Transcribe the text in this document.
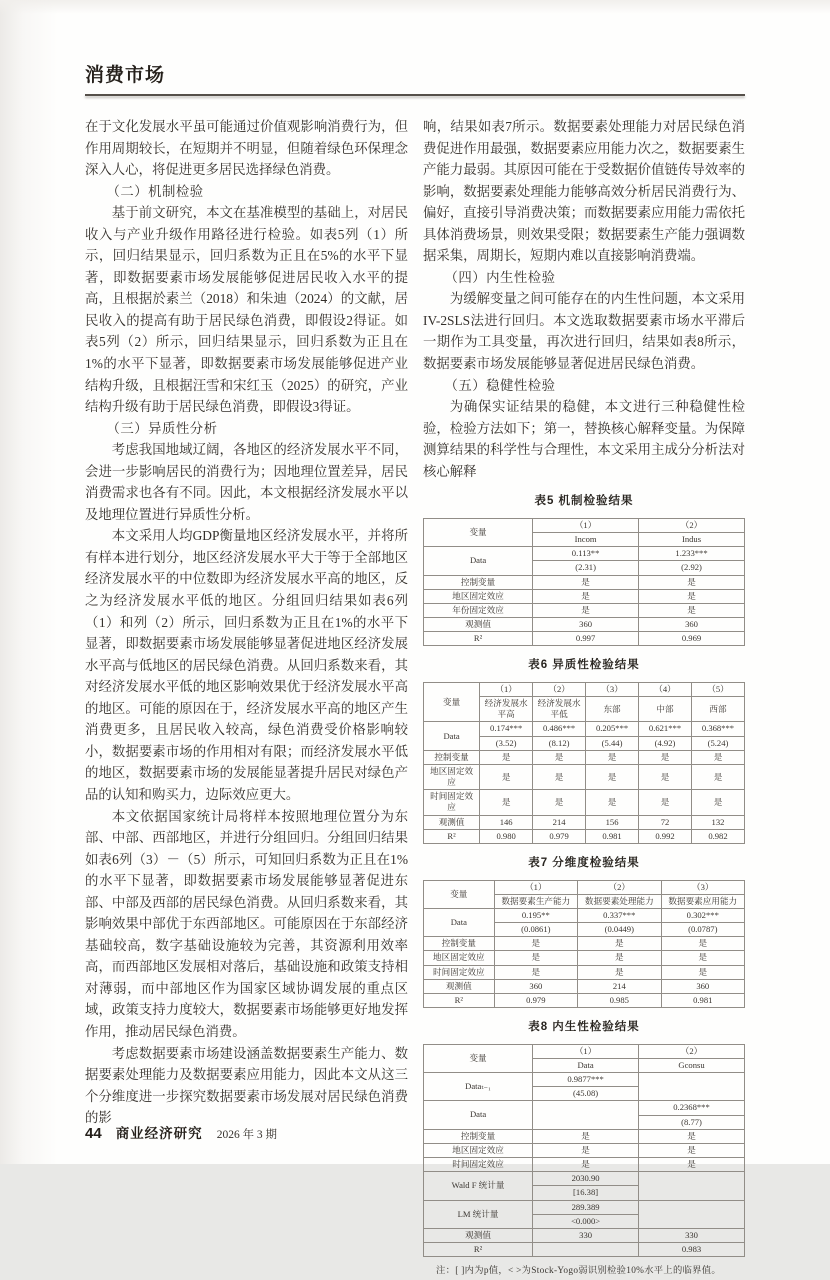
消费市场

在于文化发展水平虽可能通过价值观影响消费行为，但作用周期较长，在短期并不明显，但随着绿色环保理念深入人心，将促进更多居民选择绿色消费。

（二）机制检验

基于前文研究，本文在基准模型的基础上，对居民收入与产业升级作用路径进行检验。如表5列（1）所示，回归结果显示，回归系数为正且在5%的水平下显著，即数据要素市场发展能够促进居民收入水平的提高，且根据於素兰（2018）和朱迪（2024）的文献，居民收入的提高有助于居民绿色消费，即假设2得证。如表5列（2）所示，回归结果显示，回归系数为正且在1%的水平下显著，即数据要素市场发展能够促进产业结构升级，且根据汪雪和宋红玉（2025）的研究，产业结构升级有助于居民绿色消费，即假设3得证。

（三）异质性分析

考虑我国地域辽阔，各地区的经济发展水平不同，会进一步影响居民的消费行为；因地理位置差异，居民消费需求也各有不同。因此，本文根据经济发展水平以及地理位置进行异质性分析。

本文采用人均GDP衡量地区经济发展水平，并将所有样本进行划分，地区经济发展水平大于等于全部地区经济发展水平的中位数即为经济发展水平高的地区，反之为经济发展水平低的地区。分组回归结果如表6列（1）和列（2）所示，回归系数为正且在1%的水平下显著，即数据要素市场发展能够显著促进地区经济发展水平高与低地区的居民绿色消费。从回归系数来看，其对经济发展水平低的地区影响效果优于经济发展水平高的地区。可能的原因在于，经济发展水平高的地区产生消费更多，且居民收入较高，绿色消费受价格影响较小，数据要素市场的作用相对有限；而经济发展水平低的地区，数据要素市场的发展能显著提升居民对绿色产品的认知和购买力，边际效应更大。

本文依据国家统计局将样本按照地理位置分为东部、中部、西部地区，并进行分组回归。分组回归结果如表6列（3）－（5）所示，可知回归系数为正且在1%的水平下显著，即数据要素市场发展能够显著促进东部、中部及西部的居民绿色消费。从回归系数来看，其影响效果中部优于东西部地区。可能原因在于东部经济基础较高，数字基础设施较为完善，其资源利用效率高，而西部地区发展相对落后，基础设施和政策支持相对薄弱，而中部地区作为国家区域协调发展的重点区域，政策支持力度较大，数据要素市场能够更好地发挥作用，推动居民绿色消费。

考虑数据要素市场建设涵盖数据要素生产能力、数据要素处理能力及数据要素应用能力，因此本文从这三个分维度进一步探究数据要素市场发展对居民绿色消费的影

响，结果如表7所示。数据要素处理能力对居民绿色消费促进作用最强，数据要素应用能力次之，数据要素生产能力最弱。其原因可能在于受数据价值链传导效率的影响，数据要素处理能力能够高效分析居民消费行为、偏好，直接引导消费决策；而数据要素应用能力需依托具体消费场景，则效果受限；数据要素生产能力强调数据采集，周期长，短期内难以直接影响消费端。

（四）内生性检验

为缓解变量之间可能存在的内生性问题，本文采用IV-2SLS法进行回归。本文选取数据要素市场水平滞后一期作为工具变量，再次进行回归，结果如表8所示，数据要素市场发展能够显著促进居民绿色消费。

（五）稳健性检验

为确保实证结果的稳健，本文进行三种稳健性检验，检验方法如下；第一，替换核心解释变量。为保障测算结果的科学性与合理性，本文采用主成分分析法对核心解释

表5 机制检验结果
变量	（1）	（2）
	Incom	Indus
Data	0.113**	1.233***
	(2.31)	(2.92)
控制变量	是	是
地区固定效应	是	是
年份固定效应	是	是
观测值	360	360
R²	0.997	0.969
表6 异质性检验结果
变量	（1）	（2）	（3）	（4）	（5）
	经济发展水平高	经济发展水平低	东部	中部	西部
Data	0.174***	0.486***	0.205***	0.621***	0.368***
	(3.52)	(8.12)	(5.44)	(4.92)	(5.24)
控制变量	是	是	是	是	是
地区固定效应	是	是	是	是	是
时间固定效应	是	是	是	是	是
观测值	146	214	156	72	132
R²	0.980	0.979	0.981	0.992	0.982
表7 分维度检验结果
变量	（1）	（2）	（3）
	数据要素生产能力	数据要素处理能力	数据要素应用能力
Data	0.195**	0.337***	0.302***
	(0.0861)	(0.0449)	(0.0787)
控制变量	是	是	是
地区固定效应	是	是	是
时间固定效应	是	是	是
观测值	360	214	360
R²	0.979	0.985	0.981
表8 内生性检验结果
变量	（1）	（2）
	Data	Gconsu
Dataₜ₋₁	0.9877***	
	(45.08)	
Data		0.2368***
		(8.77)
控制变量	是	是
地区固定效应	是	是
时间固定效应	是	是
Wald F 统计量	2030.90	
	[16.38]	
LM 统计量	289.389	
	<0.000>	
观测值	330	330
R²		0.983
注：[ ]内为p值，< >为Stock-Yogo弱识别检验10%水平上的临界值。
44 商业经济研究 2026 年 3 期
